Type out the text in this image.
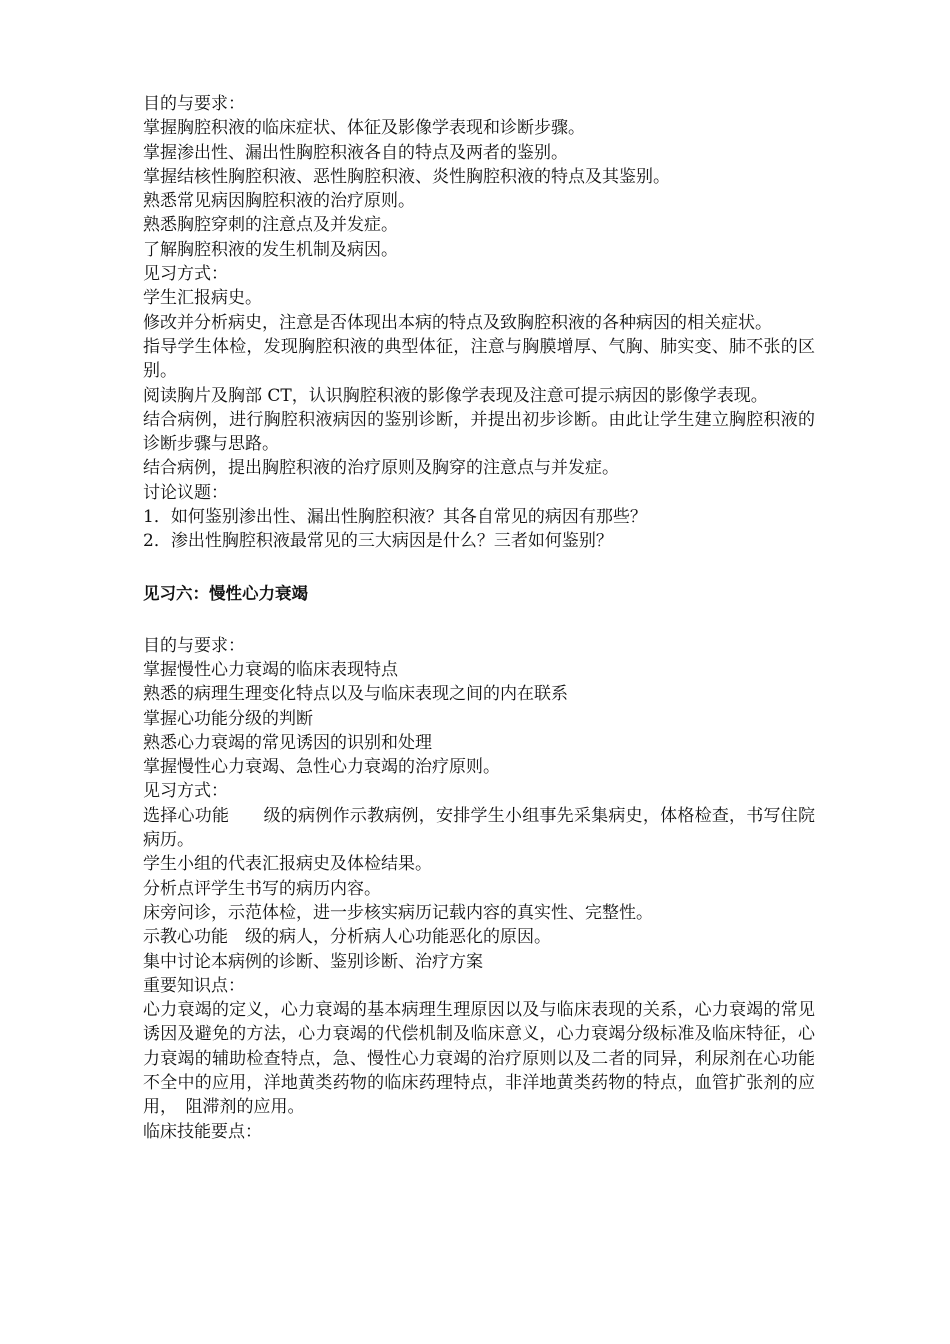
目的与要求：

掌握胸腔积液的临床症状、体征及影像学表现和诊断步骤。

掌握渗出性、漏出性胸腔积液各自的特点及两者的鉴别。

掌握结核性胸腔积液、恶性胸腔积液、炎性胸腔积液的特点及其鉴别。

熟悉常见病因胸腔积液的治疗原则。

熟悉胸腔穿刺的注意点及并发症。

了解胸腔积液的发生机制及病因。

见习方式：

学生汇报病史。

修改并分析病史，注意是否体现出本病的特点及致胸腔积液的各种病因的相关症状。

指导学生体检，发现胸腔积液的典型体征，注意与胸膜增厚、气胸、肺实变、肺不张的区别。

阅读胸片及胸部 CT，认识胸腔积液的影像学表现及注意可提示病因的影像学表现。

结合病例，进行胸腔积液病因的鉴别诊断，并提出初步诊断。由此让学生建立胸腔积液的诊断步骤与思路。

结合病例，提出胸腔积液的治疗原则及胸穿的注意点与并发症。

讨论议题：

1．如何鉴别渗出性、漏出性胸腔积液？其各自常见的病因有那些？

2．渗出性胸腔积液最常见的三大病因是什么？三者如何鉴别？

见习六：慢性心力衰竭

目的与要求：

掌握慢性心力衰竭的临床表现特点

熟悉的病理生理变化特点以及与临床表现之间的内在联系

掌握心功能分级的判断

熟悉心力衰竭的常见诱因的识别和处理

掌握慢性心力衰竭、急性心力衰竭的治疗原则。

见习方式：

选择心功能　　级的病例作示教病例，安排学生小组事先采集病史，体格检查，书写住院病历。

学生小组的代表汇报病史及体检结果。

分析点评学生书写的病历内容。

床旁问诊，示范体检，进一步核实病历记载内容的真实性、完整性。

示教心功能　级的病人，分析病人心功能恶化的原因。

集中讨论本病例的诊断、鉴别诊断、治疗方案

重要知识点：

心力衰竭的定义，心力衰竭的基本病理生理原因以及与临床表现的关系，心力衰竭的常见诱因及避免的方法，心力衰竭的代偿机制及临床意义，心力衰竭分级标准及临床特征，心力衰竭的辅助检查特点，急、慢性心力衰竭的治疗原则以及二者的同异，利尿剂在心功能不全中的应用，洋地黄类药物的临床药理特点，非洋地黄类药物的特点，血管扩张剂的应用，　阻滞剂的应用。

临床技能要点：
